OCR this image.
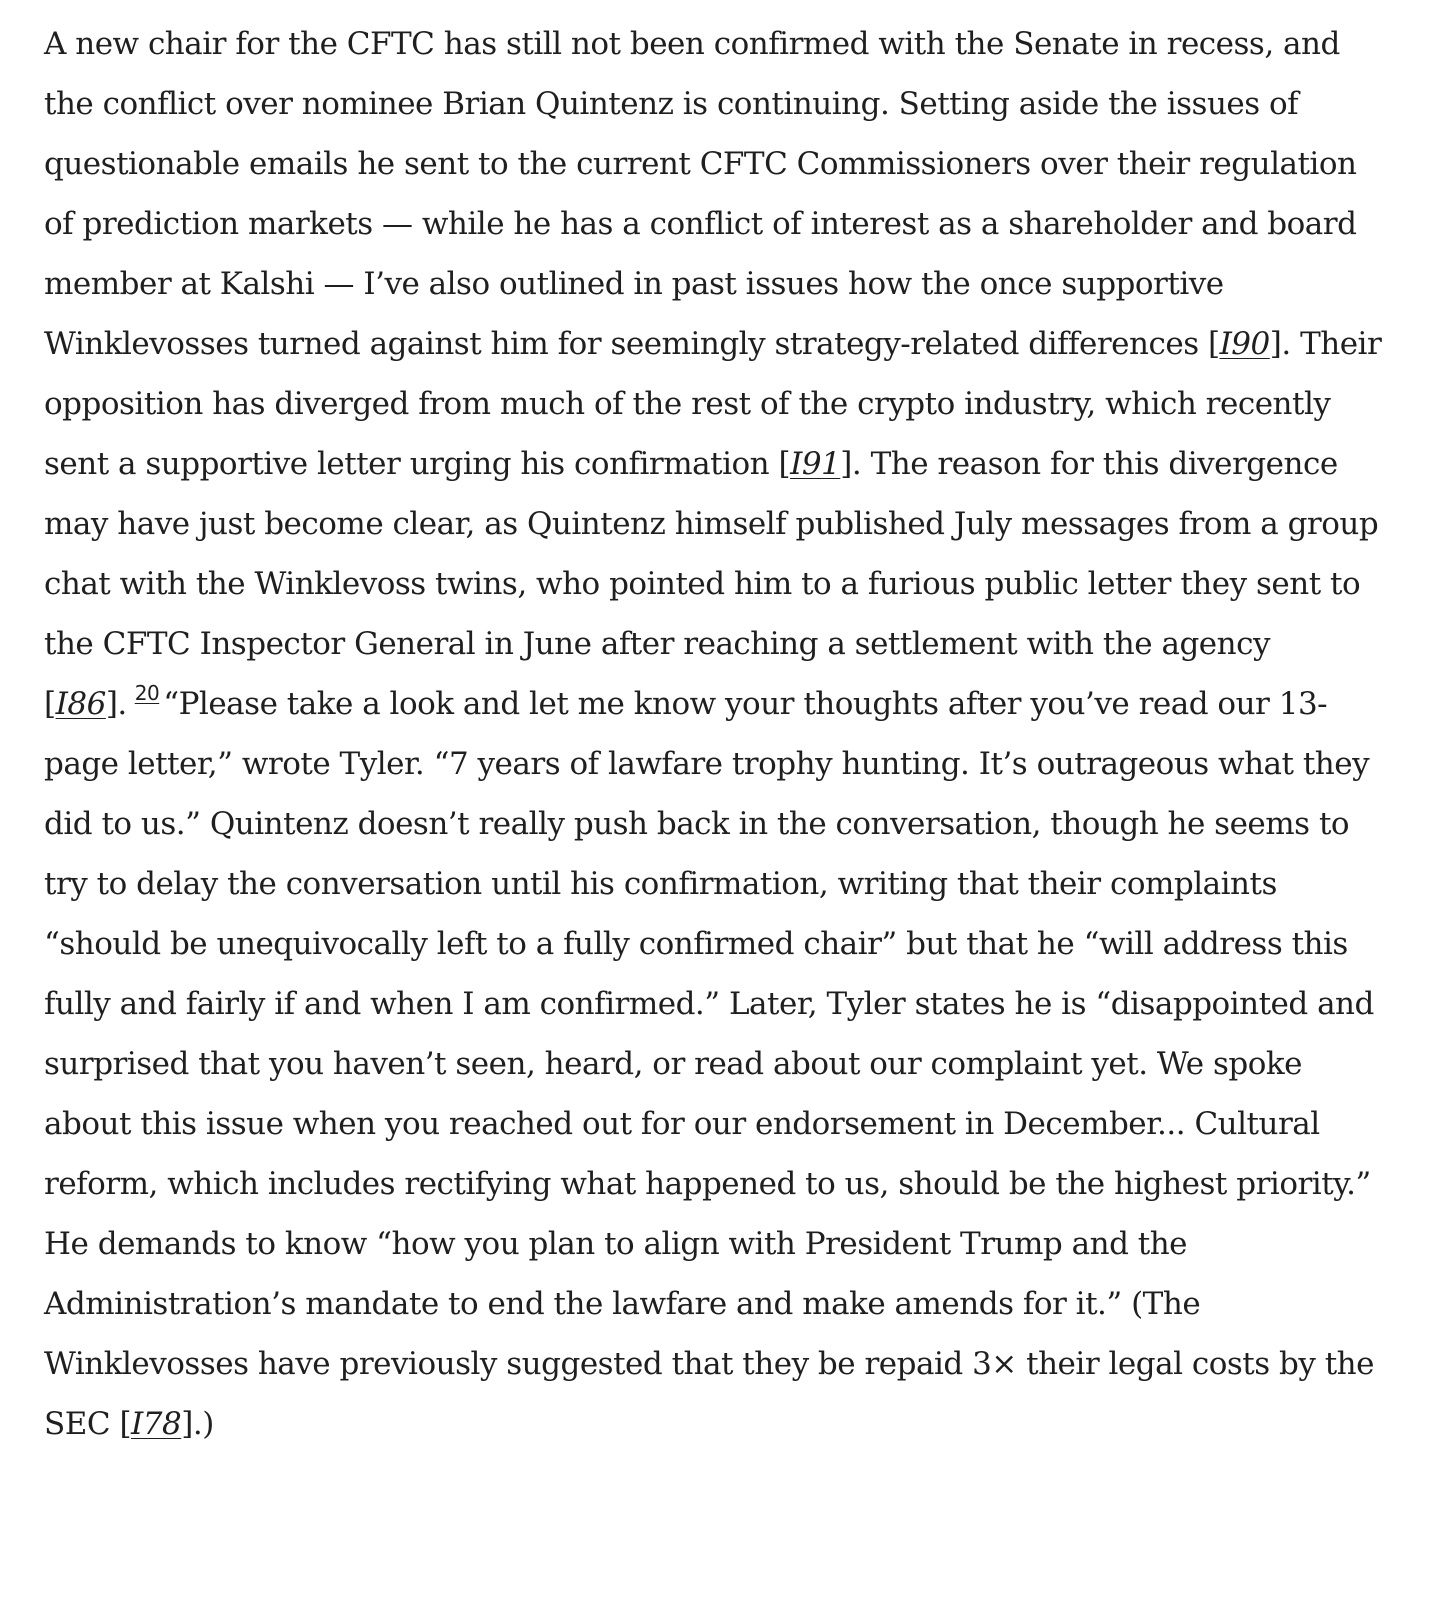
A new chair for the CFTC has still not been confirmed with the Senate in recess, and the conflict over nominee Brian Quintenz is continuing. Setting aside the issues of questionable emails he sent to the current CFTC Commissioners over their regulation of prediction markets — while he has a conflict of interest as a shareholder and board member at Kalshi — I’ve also outlined in past issues how the once supportive Winklevosses turned against him for seemingly strategy-related differences [I90]. Their opposition has diverged from much of the rest of the crypto industry, which recently sent a supportive letter urging his confirmation [I91]. The reason for this divergence may have just become clear, as Quintenz himself published July messages from a group chat with the Winklevoss twins, who pointed him to a furious public letter they sent to the CFTC Inspector General in June after reaching a settlement with the agency [I86]. $^{20}$ “Please take a look and let me know your thoughts after you’ve read our 13-page letter,” wrote Tyler. “7 years of lawfare trophy hunting. It’s outrageous what they did to us.” Quintenz doesn’t really push back in the conversation, though he seems to try to delay the conversation until his confirmation, writing that their complaints “should be unequivocally left to a fully confirmed chair” but that he “will address this fully and fairly if and when I am confirmed.” Later, Tyler states he is “disappointed and surprised that you haven’t seen, heard, or read about our complaint yet. We spoke about this issue when you reached out for our endorsement in December... Cultural reform, which includes rectifying what happened to us, should be the highest priority.” He demands to know “how you plan to align with President Trump and the Administration’s mandate to end the lawfare and make amends for it.” (The Winklevosses have previously suggested that they be repaid 3× their legal costs by the SEC [I78].)
